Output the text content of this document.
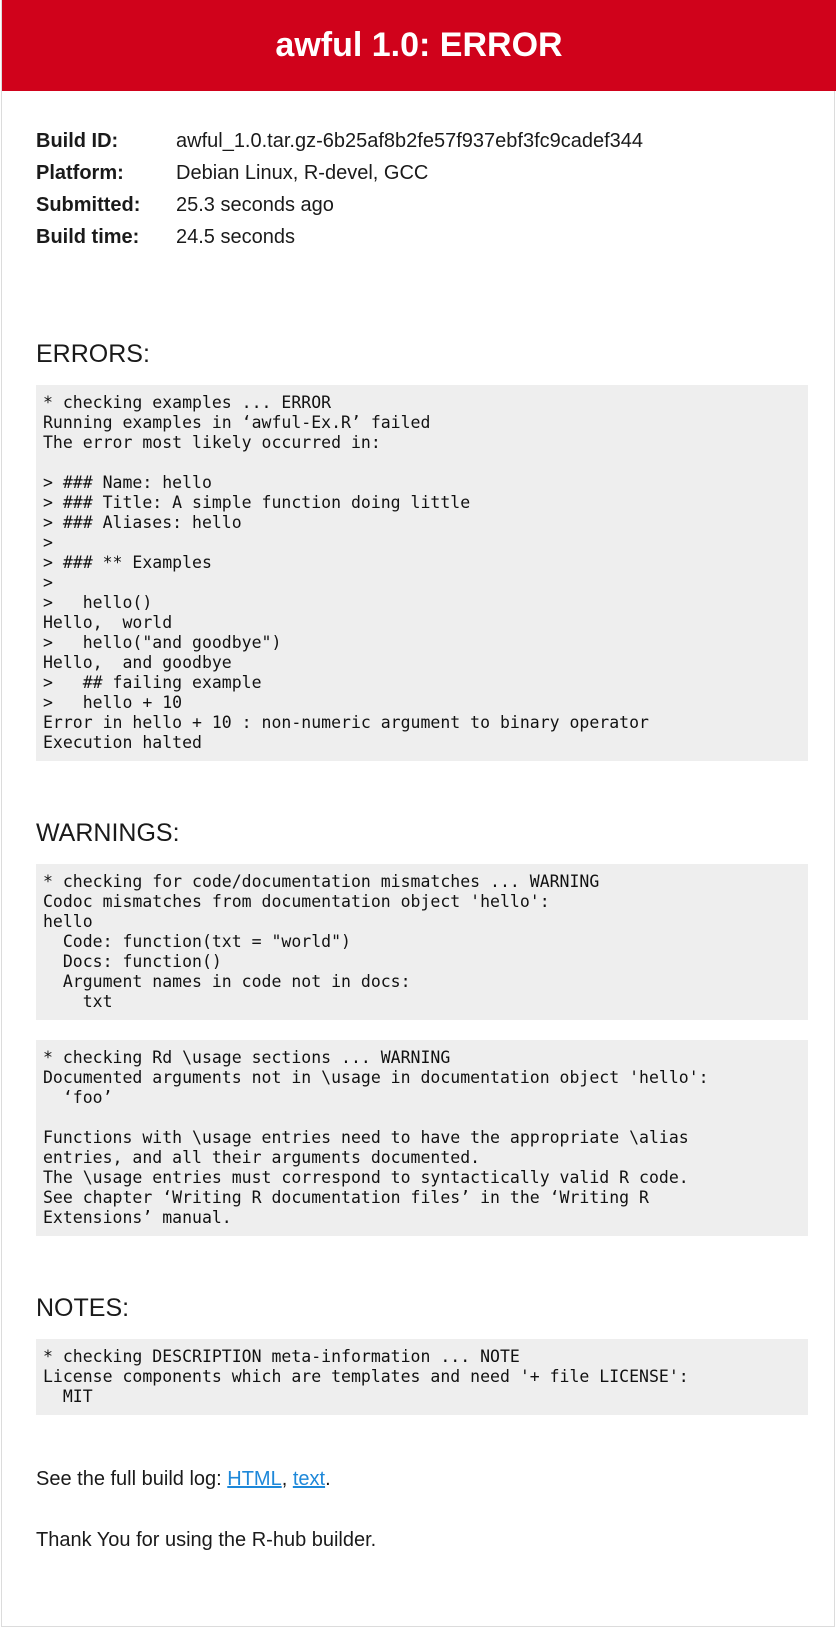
awful 1.0: ERROR
Build ID:	awful_1.0.tar.gz-6b25af8b2fe57f937ebf3fc9cadef344
Platform:	Debian Linux, R-devel, GCC
Submitted:	25.3 seconds ago
Build time:	24.5 seconds
ERRORS:
* checking examples ... ERROR
Running examples in ‘awful-Ex.R’ failed
The error most likely occurred in:

> ### Name: hello
> ### Title: A simple function doing little
> ### Aliases: hello
>
> ### ** Examples
>
>   hello()
Hello,  world
>   hello("and goodbye")
Hello,  and goodbye
>   ## failing example
>   hello + 10
Error in hello + 10 : non-numeric argument to binary operator
Execution halted
WARNINGS:
* checking for code/documentation mismatches ... WARNING
Codoc mismatches from documentation object 'hello':
hello
Code: function(txt = "world")
Docs: function()
Argument names in code not in docs:
txt
* checking Rd \usage sections ... WARNING
Documented arguments not in \usage in documentation object 'hello':
‘foo’

Functions with \usage entries need to have the appropriate \alias
entries, and all their arguments documented.
The \usage entries must correspond to syntactically valid R code.
See chapter ‘Writing R documentation files’ in the ‘Writing R
Extensions’ manual.
NOTES:
* checking DESCRIPTION meta-information ... NOTE
License components which are templates and need '+ file LICENSE':
MIT

See the full build log: HTML, text.

Thank You for using the R-hub builder.
